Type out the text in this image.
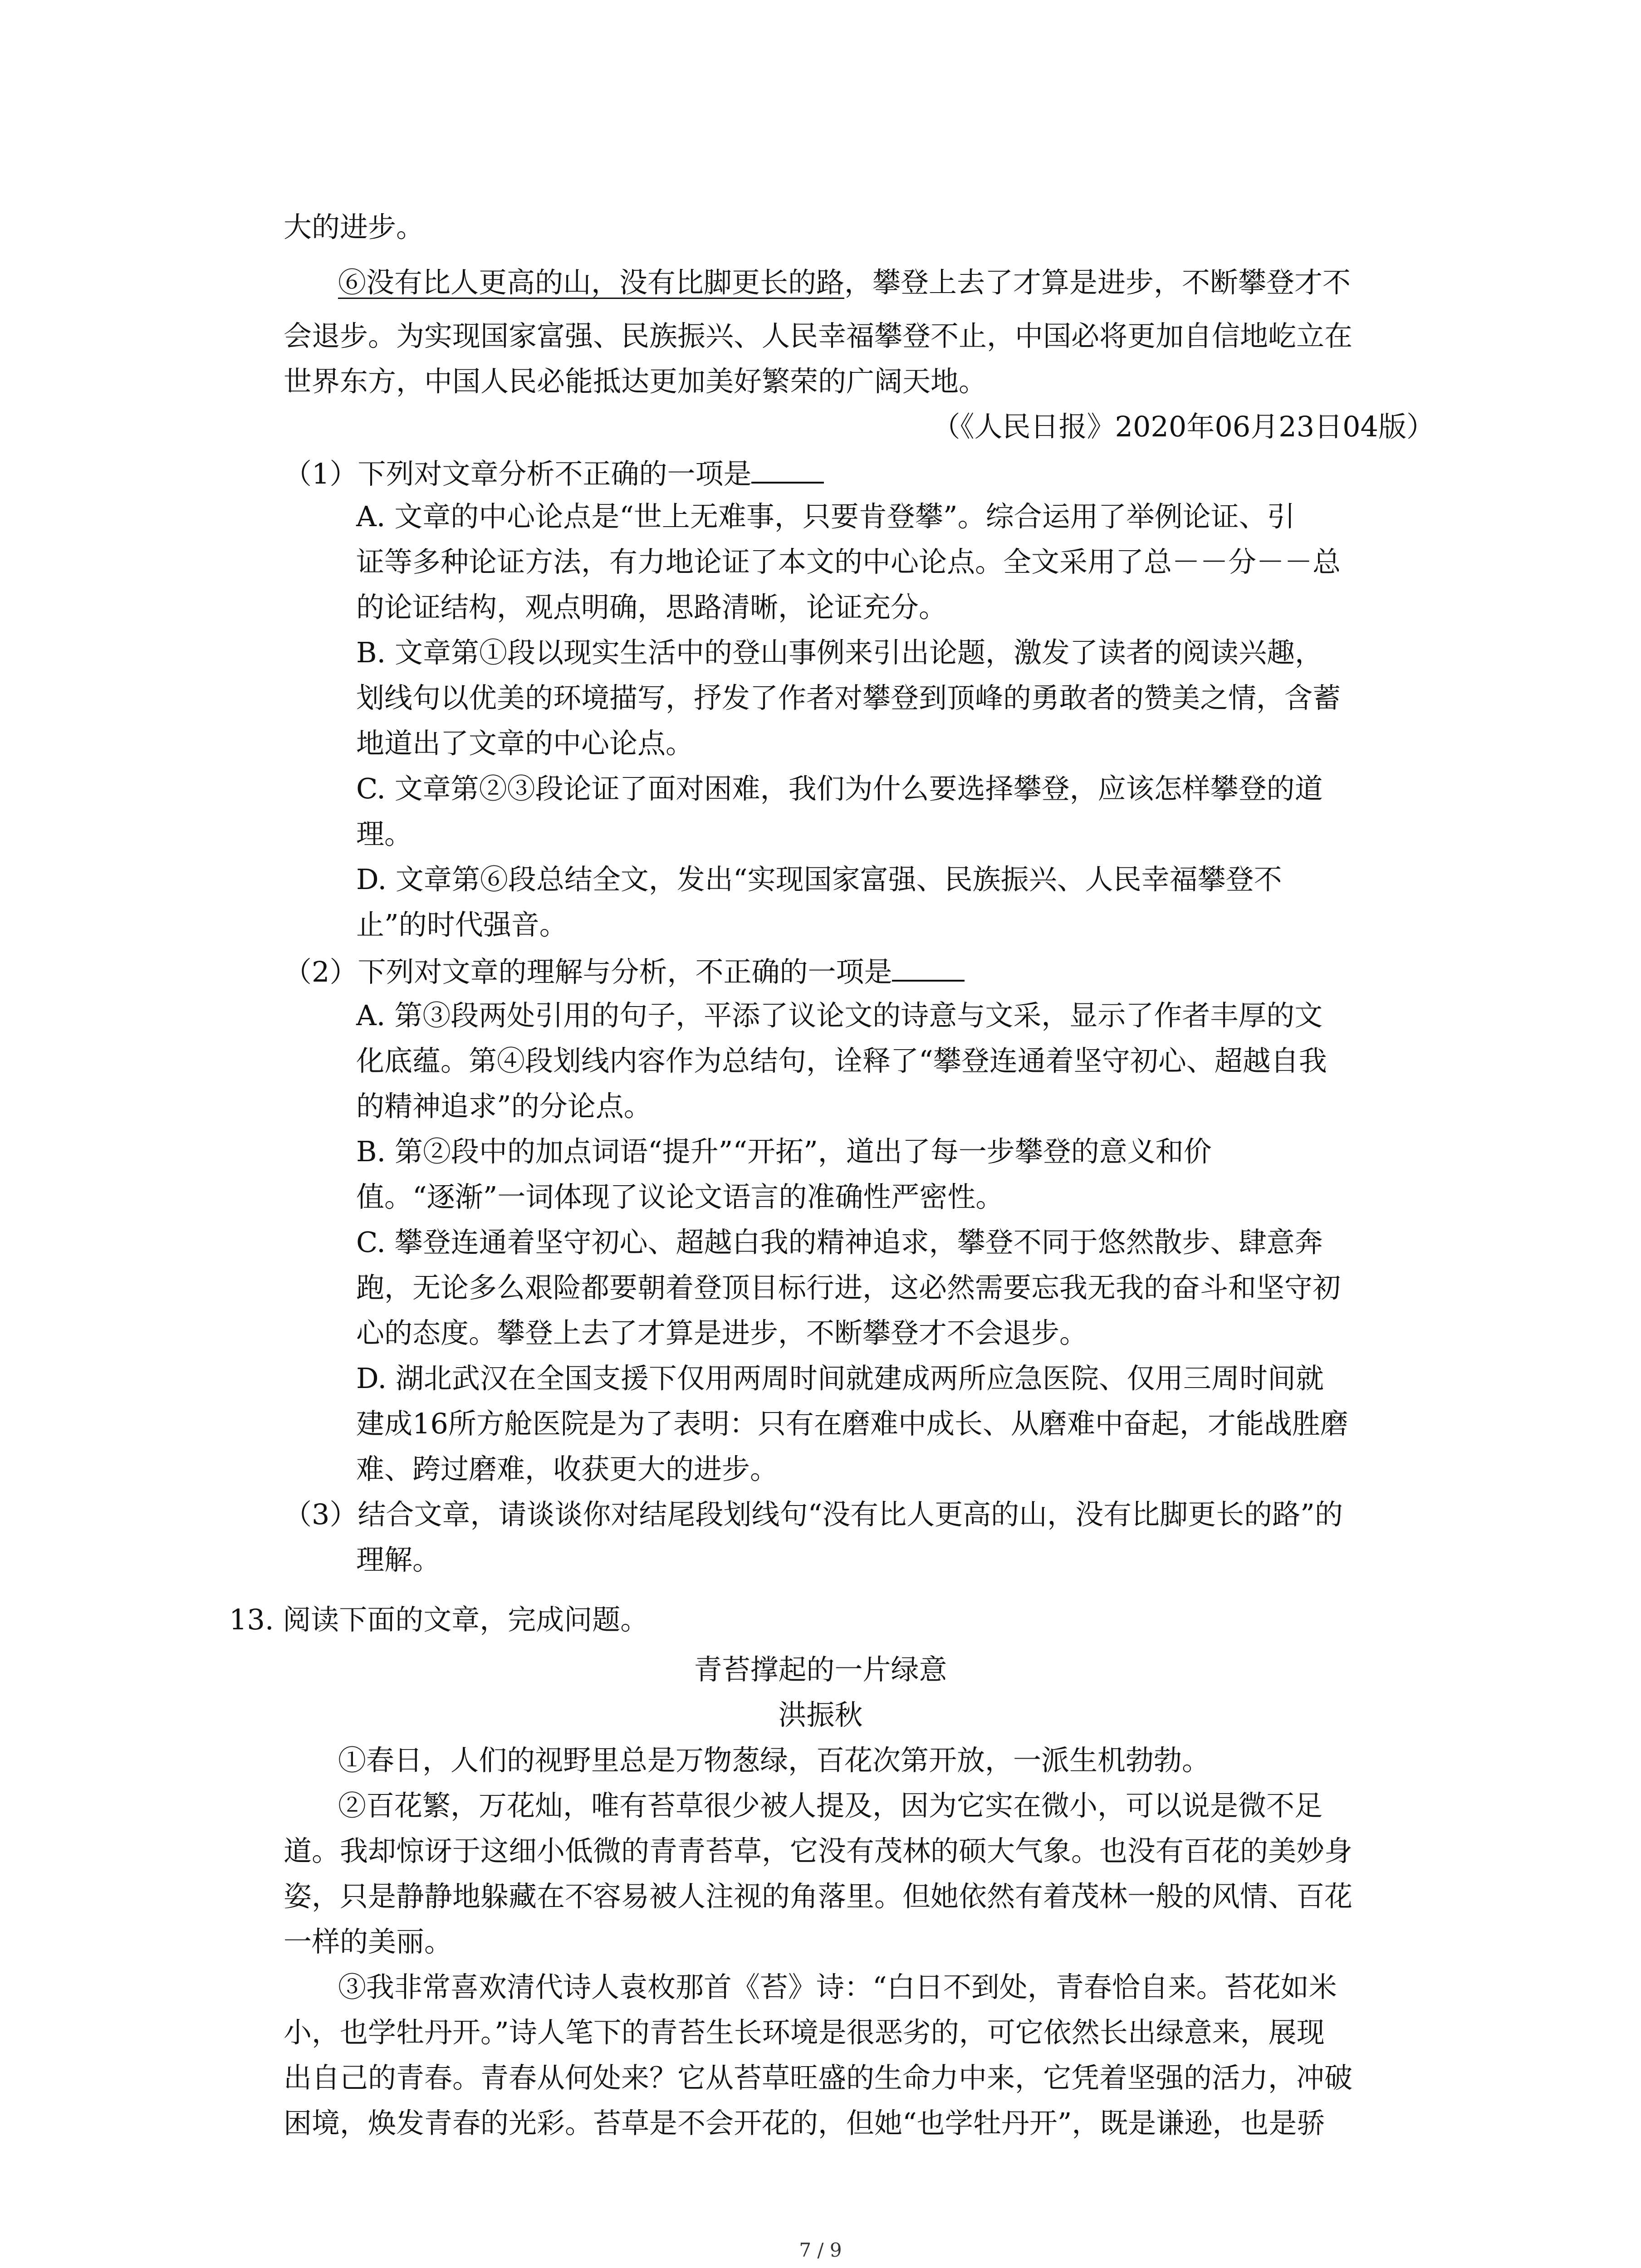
大的进步。
⑥没有比人更高的山，没有比脚更长的路，攀登上去了才算是进步，不断攀登才不
会退步。为实现国家富强、民族振兴、人民幸福攀登不止，中国必将更加自信地屹立在
世界东方，中国人民必能抵达更加美好繁荣的广阔天地。
（《人民日报》2020年06月23日04版）
（1）下列对文章分析不正确的一项是
A. 文章的中心论点是“世上无难事，只要肯登攀”。综合运用了举例论证、引
证等多种论证方法，有力地论证了本文的中心论点。全文采用了总－－分－－总
的论证结构，观点明确，思路清晰，论证充分。
B. 文章第①段以现实生活中的登山事例来引出论题，激发了读者的阅读兴趣，
划线句以优美的环境描写，抒发了作者对攀登到顶峰的勇敢者的赞美之情，含蓄
地道出了文章的中心论点。
C. 文章第②③段论证了面对困难，我们为什么要选择攀登，应该怎样攀登的道
理。
D. 文章第⑥段总结全文，发出“实现国家富强、民族振兴、人民幸福攀登不
止”的时代强音。
（2）下列对文章的理解与分析，不正确的一项是
A. 第③段两处引用的句子，平添了议论文的诗意与文采，显示了作者丰厚的文
化底蕴。第④段划线内容作为总结句，诠释了“攀登连通着坚守初心、超越自我
的精神追求”的分论点。
B. 第②段中的加点词语“提升”“开拓”，道出了每一步攀登的意义和价
值。“逐渐”一词体现了议论文语言的准确性严密性。
C. 攀登连通着坚守初心、超越白我的精神追求，攀登不同于悠然散步、肆意奔
跑，无论多么艰险都要朝着登顶目标行进，这必然需要忘我无我的奋斗和坚守初
心的态度。攀登上去了才算是进步，不断攀登才不会退步。
D. 湖北武汉在全国支援下仅用两周时间就建成两所应急医院、仅用三周时间就
建成16所方舱医院是为了表明：只有在磨难中成长、从磨难中奋起，才能战胜磨
难、跨过磨难，收获更大的进步。
（3）结合文章，请谈谈你对结尾段划线句“没有比人更高的山，没有比脚更长的路”的
理解。
13. 阅读下面的文章，完成问题。
青苔撑起的一片绿意
洪振秋
①春日，人们的视野里总是万物葱绿，百花次第开放，一派生机勃勃。
②百花繁，万花灿，唯有苔草很少被人提及，因为它实在微小，可以说是微不足
道。我却惊讶于这细小低微的青青苔草，它没有茂林的硕大气象。也没有百花的美妙身
姿，只是静静地躲藏在不容易被人注视的角落里。但她依然有着茂林一般的风情、百花
一样的美丽。
③我非常喜欢清代诗人袁枚那首《苔》诗：“白日不到处，青春恰自来。苔花如米
小，也学牡丹开。”诗人笔下的青苔生长环境是很恶劣的，可它依然长出绿意来，展现
出自己的青春。青春从何处来？它从苔草旺盛的生命力中来，它凭着坚强的活力，冲破
困境，焕发青春的光彩。苔草是不会开花的，但她“也学牡丹开”，既是谦逊，也是骄
7 / 9
